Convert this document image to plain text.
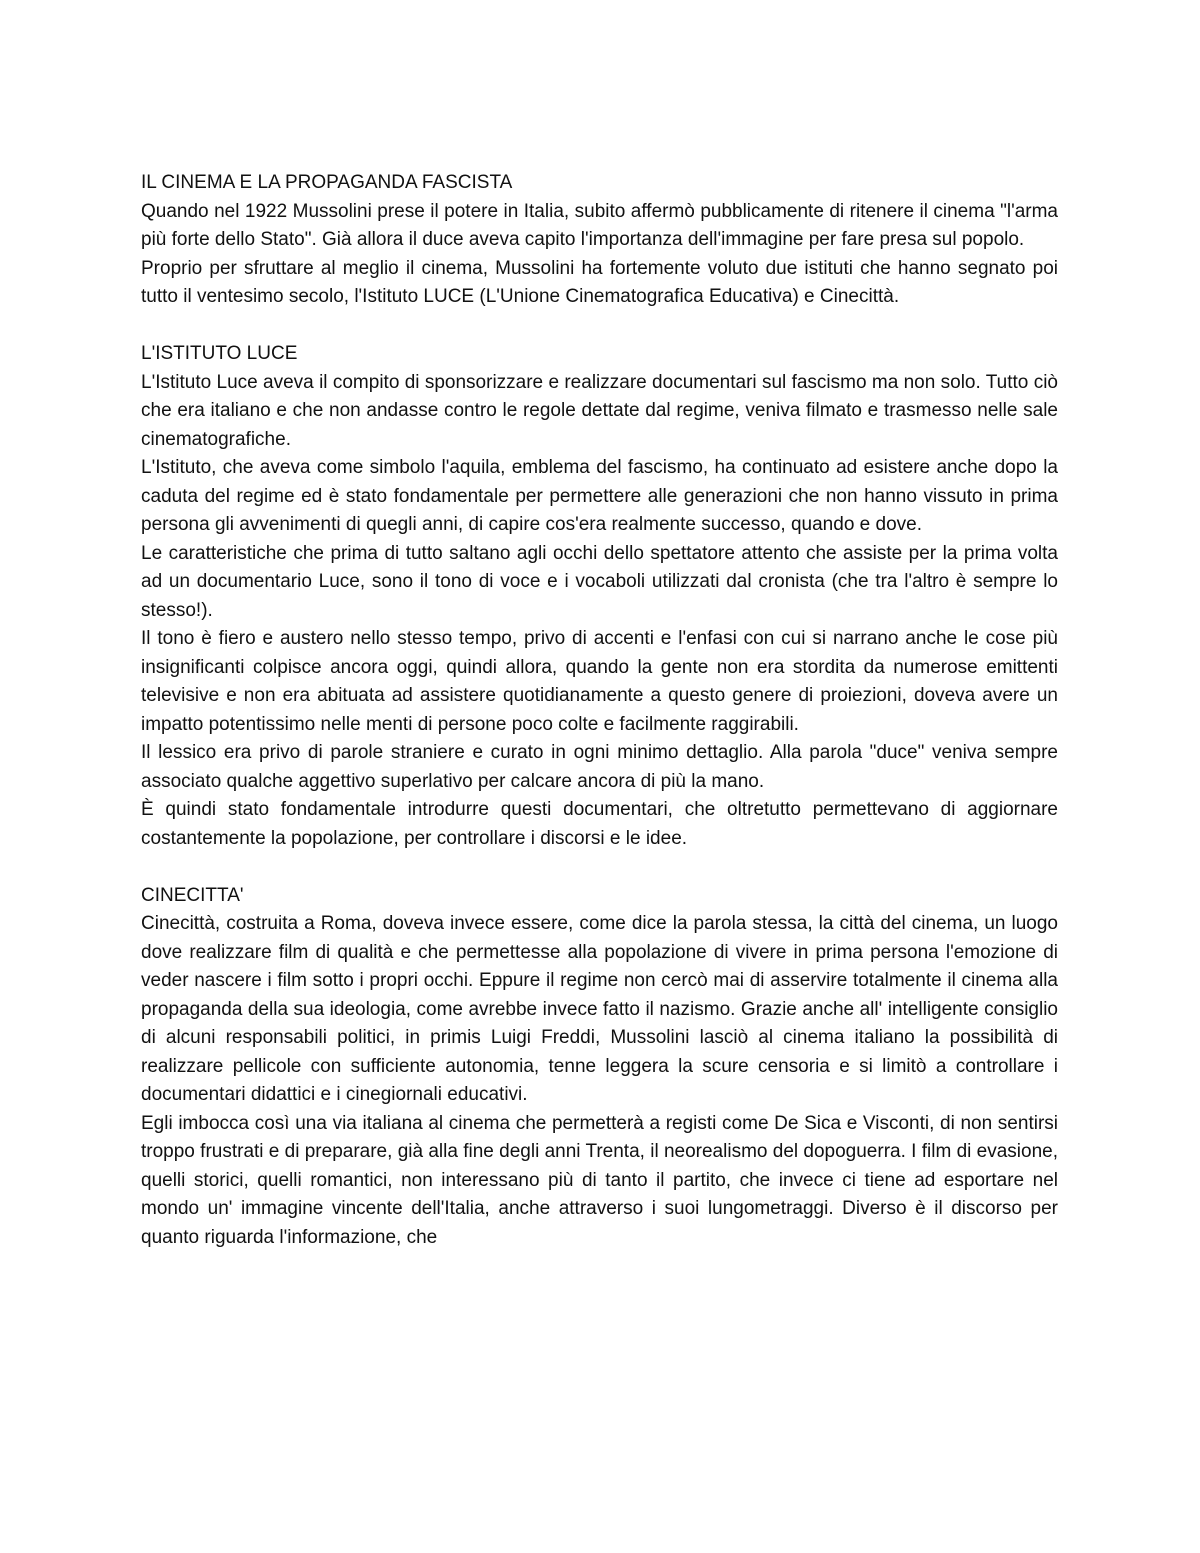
IL CINEMA E LA PROPAGANDA FASCISTA

Quando nel 1922 Mussolini prese il potere in Italia, subito affermò pubblicamente di ritenere il cinema "l'arma più forte dello Stato". Già allora il duce aveva capito l'importanza dell'immagine per fare presa sul popolo.

Proprio per sfruttare al meglio il cinema, Mussolini ha fortemente voluto due istituti che hanno segnato poi tutto il ventesimo secolo, l'Istituto LUCE (L'Unione Cinematografica Educativa) e Cinecittà.

L'ISTITUTO LUCE

L'Istituto Luce aveva il compito di sponsorizzare e realizzare documentari sul fascismo ma non solo. Tutto ciò che era italiano e che non andasse contro le regole dettate dal regime, veniva filmato e trasmesso nelle sale cinematografiche.

L'Istituto, che aveva come simbolo l'aquila, emblema del fascismo, ha continuato ad esistere anche dopo la caduta del regime ed è stato fondamentale per permettere alle generazioni che non hanno vissuto in prima persona gli avvenimenti di quegli anni, di capire cos'era realmente successo, quando e dove.

Le caratteristiche che prima di tutto saltano agli occhi dello spettatore attento che assiste per la prima volta ad un documentario Luce, sono il tono di voce e i vocaboli utilizzati dal cronista (che tra l'altro è sempre lo stesso!).

Il tono è fiero e austero nello stesso tempo, privo di accenti e l'enfasi con cui si narrano anche le cose più insignificanti colpisce ancora oggi, quindi allora, quando la gente non era stordita da numerose emittenti televisive e non era abituata ad assistere quotidianamente a questo genere di proiezioni, doveva avere un impatto potentissimo nelle menti di persone poco colte e facilmente raggirabili.

Il lessico era privo di parole straniere e curato in ogni minimo dettaglio. Alla parola "duce" veniva sempre associato qualche aggettivo superlativo per calcare ancora di più la mano.

È quindi stato fondamentale introdurre questi documentari, che oltretutto permettevano di aggiornare costantemente la popolazione, per controllare i discorsi e le idee.

CINECITTA'

Cinecittà, costruita a Roma, doveva invece essere, come dice la parola stessa, la città del cinema, un luogo dove realizzare film di qualità e che permettesse alla popolazione di vivere in prima persona l'emozione di veder nascere i film sotto i propri occhi. Eppure il regime non cercò mai di asservire totalmente il cinema alla propaganda della sua ideologia, come avrebbe invece fatto il nazismo. Grazie anche all' intelligente consiglio di alcuni responsabili politici, in primis Luigi Freddi, Mussolini lasciò al cinema italiano la possibilità di realizzare pellicole con sufficiente autonomia, tenne leggera la scure censoria e si limitò a controllare i documentari didattici e i cinegiornali educativi.

Egli imbocca così una via italiana al cinema che permetterà a registi come De Sica e Visconti, di non sentirsi troppo frustrati e di preparare, già alla fine degli anni Trenta, il neorealismo del dopoguerra. I film di evasione, quelli storici, quelli romantici, non interessano più di tanto il partito, che invece ci tiene ad esportare nel mondo un' immagine vincente dell'Italia, anche attraverso i suoi lungometraggi. Diverso è il discorso per quanto riguarda l'informazione, che
